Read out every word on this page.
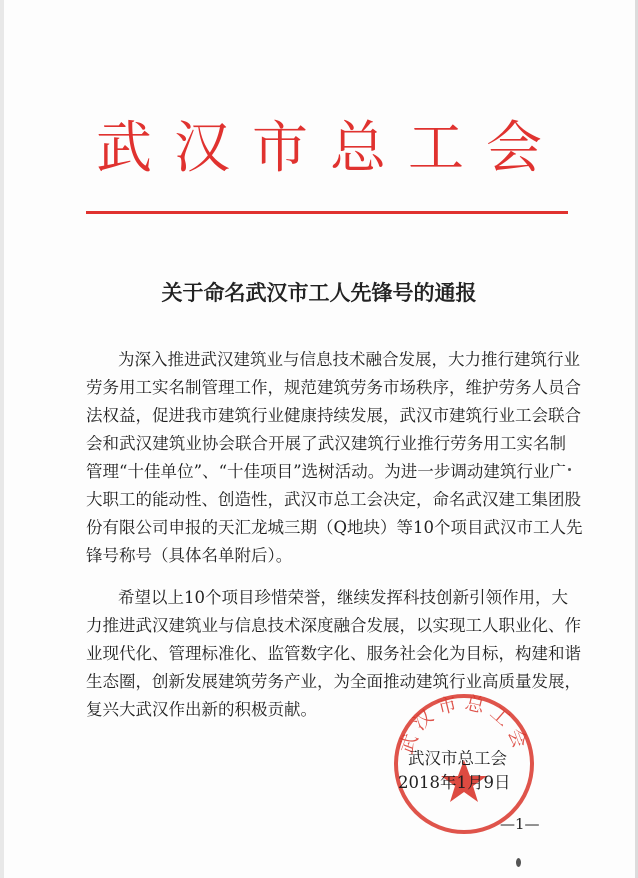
武汉市总工会
关于命名武汉市工人先锋号的通报
为深入推进武汉建筑业与信息技术融合发展，大力推行建筑行业
劳务用工实名制管理工作，规范建筑劳务市场秩序，维护劳务人员合
法权益，促进我市建筑行业健康持续发展，武汉市建筑行业工会联合
会和武汉建筑业协会联合开展了武汉建筑行业推行劳务用工实名制
管理“十佳单位”、“十佳项目”选树活动。为进一步调动建筑行业广
大职工的能动性、创造性，武汉市总工会决定，命名武汉建工集团股
份有限公司申报的天汇龙城三期（Q地块）等10个项目武汉市工人先
锋号称号（具体名单附后）。
希望以上10个项目珍惜荣誉，继续发挥科技创新引领作用，大
力推进武汉建筑业与信息技术深度融合发展，以实现工人职业化、作
业现代化、管理标准化、监管数字化、服务社会化为目标，构建和谐
生态圈，创新发展建筑劳务产业，为全面推动建筑行业高质量发展，
复兴大武汉作出新的积极贡献。
武汉市总工会
武汉市总工会
2018年1月9日
—1—
